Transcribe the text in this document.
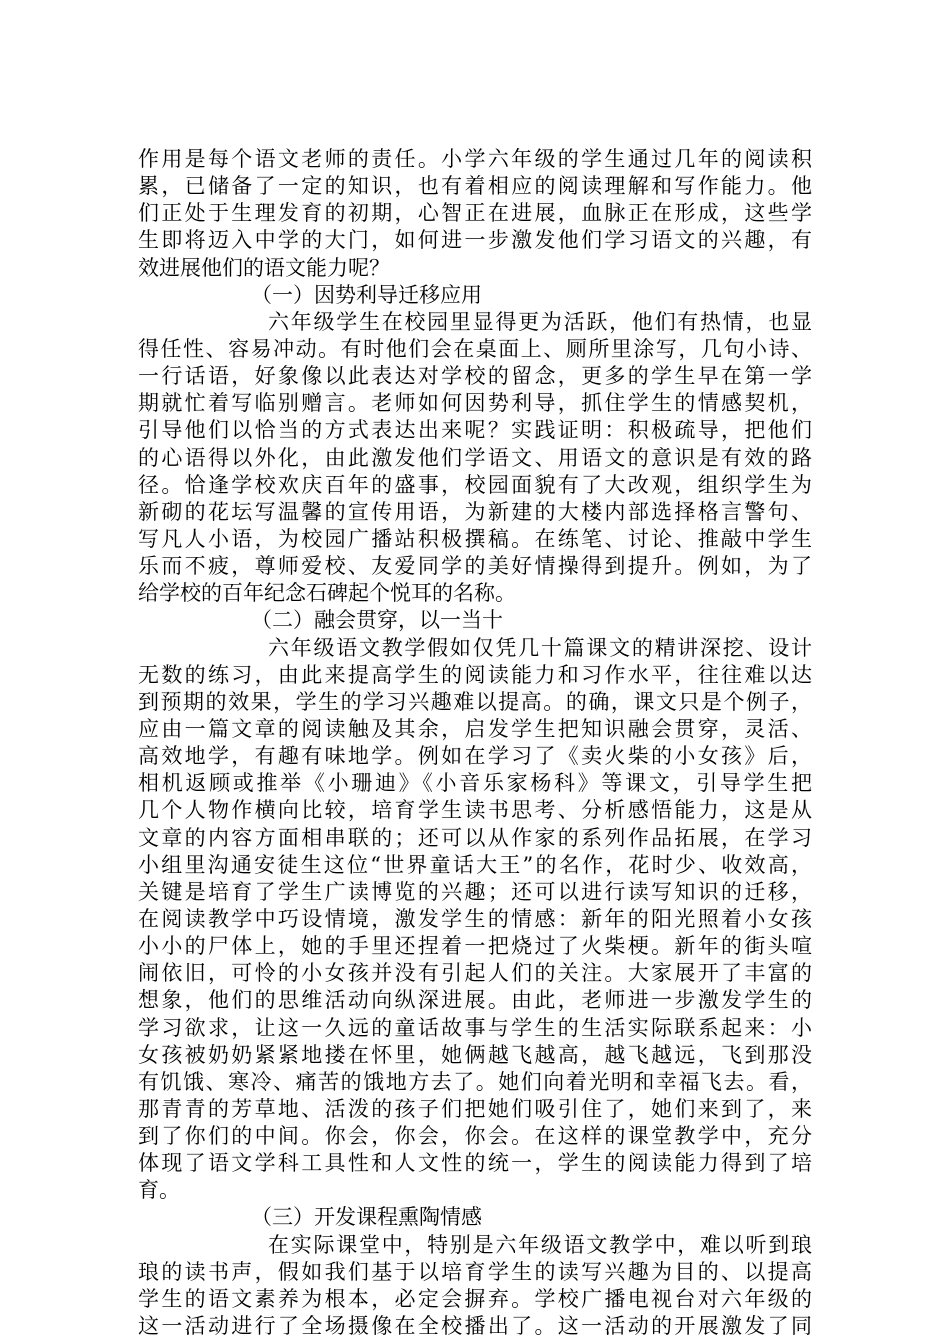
作用是每个语文老师的责任。小学六年级的学生通过几年的阅读积
累，已储备了一定的知识，也有着相应的阅读理解和写作能力。他
们正处于生理发育的初期，心智正在进展，血脉正在形成，这些学
生即将迈入中学的大门，如何进一步激发他们学习语文的兴趣，有
效进展他们的语文能力呢？
（一）因势利导迁移应用
六年级学生在校园里显得更为活跃，他们有热情，也显
得任性、容易冲动。有时他们会在桌面上、厕所里涂写，几句小诗、
一行话语，好象像以此表达对学校的留念，更多的学生早在第一学
期就忙着写临别赠言。老师如何因势利导，抓住学生的情感契机，
引导他们以恰当的方式表达出来呢？实践证明：积极疏导，把他们
的心语得以外化，由此激发他们学语文、用语文的意识是有效的路
径。恰逢学校欢庆百年的盛事，校园面貌有了大改观，组织学生为
新砌的花坛写温馨的宣传用语，为新建的大楼内部选择格言警句、
写凡人小语，为校园广播站积极撰稿。在练笔、讨论、推敲中学生
乐而不疲，尊师爱校、友爱同学的美好情操得到提升。例如，为了
给学校的百年纪念石碑起个悦耳的名称。
（二）融会贯穿，以一当十
六年级语文教学假如仅凭几十篇课文的精讲深挖、设计
无数的练习，由此来提高学生的阅读能力和习作水平，往往难以达
到预期的效果，学生的学习兴趣难以提高。的确，课文只是个例子，
应由一篇文章的阅读触及其余，启发学生把知识融会贯穿，灵活、
高效地学，有趣有味地学。例如在学习了《卖火柴的小女孩》后，
相机返顾或推举《小珊迪》《小音乐家杨科》等课文，引导学生把
几个人物作横向比较，培育学生读书思考、分析感悟能力，这是从
文章的内容方面相串联的；还可以从作家的系列作品拓展，在学习
小组里沟通安徒生这位“世界童话大王”的名作，花时少、收效高，
关键是培育了学生广读博览的兴趣；还可以进行读写知识的迁移，
在阅读教学中巧设情境，激发学生的情感：新年的阳光照着小女孩
小小的尸体上，她的手里还捏着一把烧过了火柴梗。新年的街头喧
闹依旧，可怜的小女孩并没有引起人们的关注。大家展开了丰富的
想象，他们的思维活动向纵深进展。由此，老师进一步激发学生的
学习欲求，让这一久远的童话故事与学生的生活实际联系起来：小
女孩被奶奶紧紧地搂在怀里，她俩越飞越高，越飞越远，飞到那没
有饥饿、寒冷、痛苦的饿地方去了。她们向着光明和幸福飞去。看，
那青青的芳草地、活泼的孩子们把她们吸引住了，她们来到了，来
到了你们的中间。你会，你会，你会。在这样的课堂教学中，充分
体现了语文学科工具性和人文性的统一，学生的阅读能力得到了培
育。
（三）开发课程熏陶情感
在实际课堂中，特别是六年级语文教学中，难以听到琅
琅的读书声，假如我们基于以培育学生的读写兴趣为目的、以提高
学生的语文素养为根本，必定会摒弃。学校广播电视台对六年级的
这一活动进行了全场摄像在全校播出了。这一活动的开展激发了同
